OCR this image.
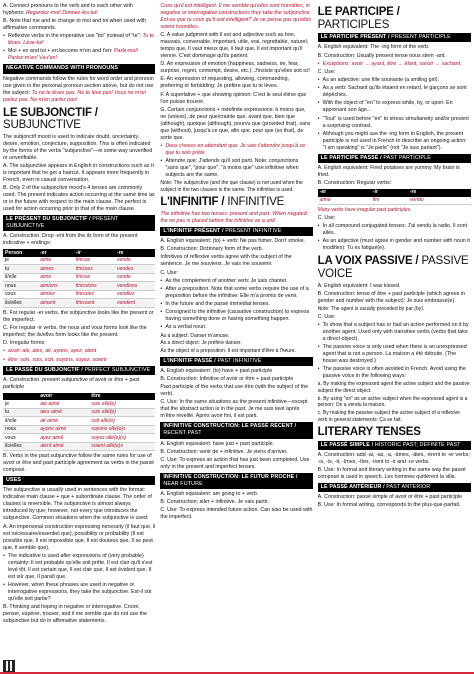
A. Connect pronouns to the verb and to each other with hyphens: Regardez-moi! Donnez-les-lui!

B. Note that me and te change to moi and toi when used with affirmative commands.

• Reflexive verbs in the imperative use "toi" instead of "te": Tu te lèves. Lève-toi!
• Moi + en and toi + en become m'en and t'en: Parle-moi! Parlez-m'en! Va-t'en!
NEGATIVE COMMANDS WITH PRONOUNS

Negative commands follow the rules for word order and pronoun use given in the personal pronoun section above, but do not use the subject: Tu ne te lèves pas. Ne te lève pas! Vous ne m'en parlez pas. Ne m'en parlez pas!

LE SUBJONCTIF / SUBJUNCTIVE

The subjonctif mood is used to indicate doubt, uncertainty, desire, emotion, conjecture, supposition. This is often indicated by the forms of the verbs "subjunctive"—in some way unverified or unverifiable.

A. The subjunctive appears in English in constructions such as It is important that he get a haircut. It appears more frequently in French, even in casual conversation.

B. Only 2 of the subjunctive mood's 4 tenses are commonly used. The present indicates action occurring at the same time as or in the future with respect to the main clause. The perfect is used for action occurring prior to that of the main clause.

LE PRÉSENT DU SUBJONCTIF / PRESENT SUBJUNCTIVE

A. Construction: Drop -ent from the ils form of the present indicative + endings:

Person	-er	-ir	-re
je	aime	finisse	vende
tu	aimes	finisses	vendes
il/elle	aime	finisse	vende
nous	aimions	finissions	vendions
vous	aimiez	finissiez	vendiez
ils/elles	aiment	finissent	vendent

B. For regular -er verbs, the subjunctive looks like the present or the imperfect.

C. For regular -ir verbs, the nous and vous forms look like the imperfect; the ils/elles form looks like the present.

D. Irregular forms:

• avoir: aie, aies, ait, ayons, ayez, aient
• être: sois, sois, soit, soyons, soyez, soient
LE PASSÉ DU SUBJONCTIF / PERFECT SUBJUNCTIVE

A. Construction: present subjunctive of avoir or être + past participle

	avoir	être
je	aie aimé	sois allé(e)
tu	aies aimé	sois allé(e)
il/elle	ait aimé	soit allé(e)
nous	ayons aimé	soyons allé(e)s
vous	ayez aimé	soyez allé(e)(s)
ils/elles	aient aimé	soient allé(e)s

B. Verbs in the past subjunctive follow the same rules for use of avoir or être and past participle agreement as verbs in the passé composé.

USES

The subjunctive is usually used in sentences with the format: indicative main clause + que + subordinate clause. The order of clauses is reversible. The subjunctive is almost always introduced by que; however, not every que introduces the subjunctive. Common situations when the subjunctive is used:

A. An impersonal construction expressing necessity (il faut que, il est nécessaire/essentiel que), possibility or probability (Il est possible que, Il est impossible que, Il est douteux que, Il se peut que, Il semble que).

• The indicative is used after expressions of (very probable) certainty: Il est probable qu'elle soit prête. Il est clair qu'il s'est levé tôt. Il est certain que, Il est clair que, Il est évident que, Il est sûr que, Il paraît que.
• However, when these phrases are used in negative or interrogative expressions, they take the subjunctive: Est-il sûr qu'elle soit partie?

B. Thinking and hoping in negative or interrogative. Croire, penser, espérer, trouver, and il me semble que do not use the subjunctive but do in affirmative statements.

Crois qu'il est intelligent. Il me semble qu'elles sont honnêtes, in negative or interrogative constructions they take the subjunctive. Est-ce que tu crois qu'il soit intelligent? Je ne pense pas qu'elles soient honnêtes.

C. A value judgment with Il est and adjective such as bon, mauvais, convenable, important, utile, vrai, regrettable, naturel, temps que, Il vaut mieux que, il faut que, Il est important qu'il vienne. C'est dommage qu'ils partent.

D. An expression of emotion (happiness, sadness, ire, fear, surprise, regret, contempt, desire, etc.): J'insiste qu'elles soit ici!

E. An expression of requesting, allowing, commanding, preferring or forbidding: Je préfère que tu te lèves.

F. A superlative + que showing opinion: C'est le seul élève que l'on puisse trouver.

G. Certain conjunctions + indefinite expressions: à moins que, ne (unless), de peur que/crainte que, avant que, bien que (although), quoique (although), pourvu que (provided that), sans que (without), jusqu'à ce que, afin que, pour que (so that), de sorte que.

• Deux choses en attendant que. Je vais t'attendre jusqu'à ce que tu sois prête.
• Attendre que: J'attends qu'il soit parti. Note: conjunctions "sans que", "pour que", "à moins que" use infinitive when subjects are the same.

Note: The subjunctive (and the que clause) is not used when the subject in the two clauses is the same. The infinitive is used.

L'INFINITIF / INFINITIVE

The infinitive has two tenses: present and past. When negated, the ne pas is placed before the infinitive as a unit.

L'INFINITIF PRÉSENT / PRESENT INFINITIVE

A. English equivalent: (to) + verb: Ne pas fumer. Don't smoke.

B. Construction: Dictionary form of the verb.

Infinitives of reflexive verbs agree with the subject of the sentence. Je me souviens. Je vais me souvenir.

C. Use:

• As the complement of another verb: Je sais chanter.
• After a preposition. Note that some verbs require the use of a preposition before the infinitive: Elle m'a promis de venir.
• In the future and the passé immédiat tenses.
• Consigned to the infinitive (causative construction) to express having something done or having something happen.
• As a verbal noun:

As a subject: Danser m'amuse.

As a direct object: Je préfère danser.

As the object of a preposition: Il est important d'être à l'heure.

L'INFINITIF PASSÉ / PAST INFINITIVE

A. English equivalent: (to) have + past participle

B. Construction: Infinitive of avoir or être + past participle

Past participle of the verbs that use être (with the subject of the verb).

C. Use: In the same situations as the present infinitive—except that the abstract action is in the past. Je me suis lavé après m'être réveillé. Après avoir fini, il est parti.

INFINITIVE CONSTRUCTION: LE PASSÉ RÉCENT / RECENT PAST

A. English equivalent: have just + past participle.

B. Construction: venir de + infinitive. Je viens d'arriver.

C. Use: To express an action that has just been completed. Use only in the present and imperfect tenses.

INFINITIVE CONSTRUCTION: LE FUTUR PROCHE / NEAR FUTURE

A. English equivalent: am going to + verb.

B. Construction: aller + infinitive. Je vais partir.

C. Use: To express intended future action. Can also be used with the imperfect.

LE PARTICIPE / PARTICIPLES
LE PARTICIPE PRÉSENT / PRESENT PARTICIPLE

A. English equivalent: The -ing form of the verb.

B. Construction: Usually present tense nous stem -ant.

• Exceptions: avoir → ayant, être → étant, savoir → sachant.

C. Use:

• As an adjective: une fille souriante (a smiling girl).
• As a verb: Sachant qu'ils étaient en retard, le garçons se sont dépêchés.
• With the object of "en" to express while, by, or upon: En apprenant son âge...
• "Tout" is used before "en" to stress simultaneity and/or present a surprising contrast.
• Although you might use the -ing form in English, the present participle is not used in French to describe an ongoing action: "I am speaking" is "Je parle" (not "Je suis parlant").
LE PARTICIPE PASSÉ / PAST PARTICIPLE

A. English equivalent: Fired potatoes are yummy. My brain is fried.

B. Construction: Regular verbs:

-er	-ir	-re
aimé	fini	vendu

Many verbs have irregular past participles.

C. Use:

• In all compound conjugated tenses: J'ai vendu la radio. Il sont allés.
• As an adjective (must agree in gender and number with noun it modifies): Tu es fatigué(e).
LA VOIX PASSIVE / PASSIVE VOICE

A. English equivalent: I was kissed.

B. Construction: tense of être + past participle (which agrees in gender and number with the subject): Je suis embrassé(e).

Note: The agent is usually preceded by par (by).

C. Use:

• To show that a subject has or had an action performed on it by another agent. Used only with transitive verbs (verbs that take a direct object).
• The passive voice is only used when there is an unexpressed agent that is not a person. La maison a été détruite. (The house was destroyed.)
• The passive voice is often avoided in French. Avoid using the passive voice in the following ways:

a. By making the expressed agent the active subject and the passive subject the direct object.

b. By using "on" as an active subject when the expressed agent is a person: On a vendu la maison.

c. By making the passive subject the active subject of a reflexive verb in general statements: Ça se fait.

LITERARY TENSES
LE PASSÉ SIMPLE / HISTORIC PAST; DEFINITE PAST

A. Construction: add -ai, -as, -a, -âmes, -âtes, -èrent to -er verbs; -is, -is, -it, -îmes, -îtes, -irent to -ir and -re verbs.

B. Use: In formal and literary writing in the same way the passé composé is used in speech. Les hommes quittèrent la ville.

LE PASSÉ ANTÉRIEUR / PAST ANTERIOR

A. Construction: passé simple of avoir or être + past participle

B. Use: In formal writing, corresponds to the plus-que-parfait.
